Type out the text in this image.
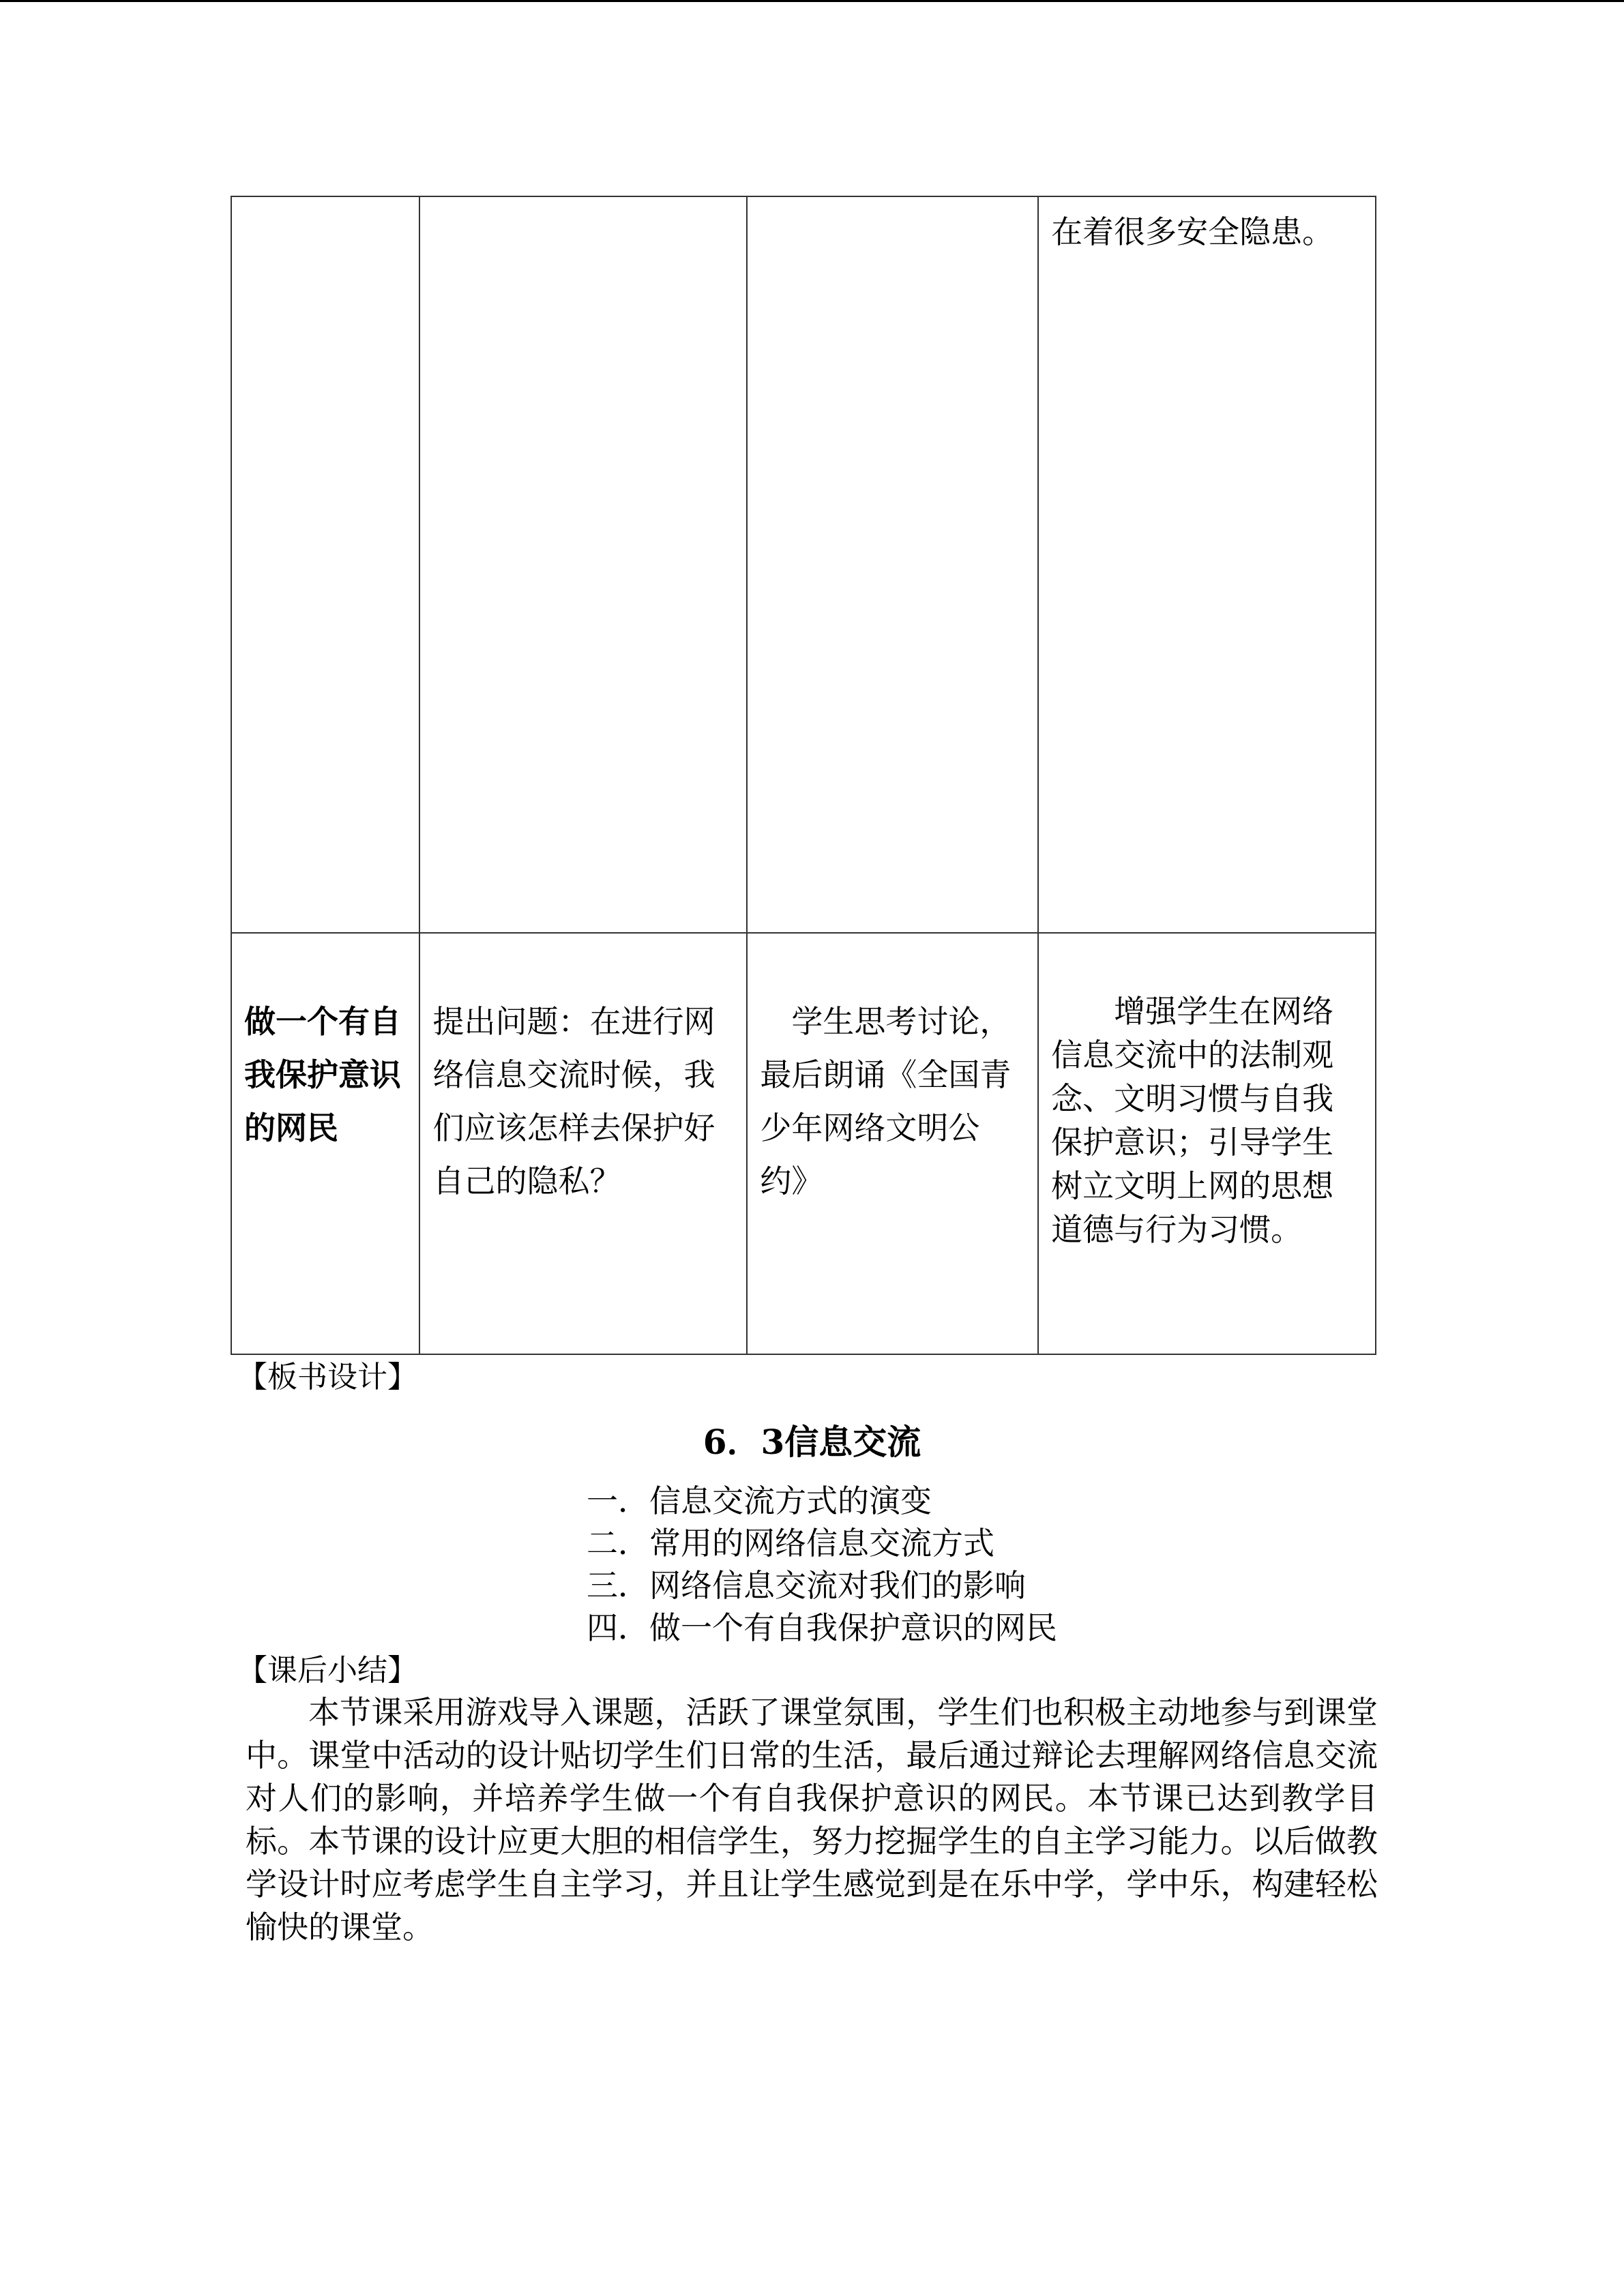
			在着很多安全隐患。

做一个有自我保护意识的网民	提出问题：在进行网络信息交流时候，我们应该怎样去保护好自己的隐私？	学生思考讨论，最后朗诵《全国青少年网络文明公约》	增强学生在网络信息交流中的法制观念、文明习惯与自我保护意识；引导学生树立文明上网的思想道德与行为习惯。
【板书设计】
6．3信息交流
一．信息交流方式的演变
二．常用的网络信息交流方式
三．网络信息交流对我们的影响
四．做一个有自我保护意识的网民
【课后小结】

本节课采用游戏导入课题，活跃了课堂氛围，学生们也积极主动地参与到课堂中。课堂中活动的设计贴切学生们日常的生活，最后通过辩论去理解网络信息交流对人们的影响，并培养学生做一个有自我保护意识的网民。本节课已达到教学目标。本节课的设计应更大胆的相信学生，努力挖掘学生的自主学习能力。以后做教学设计时应考虑学生自主学习，并且让学生感觉到是在乐中学，学中乐，构建轻松愉快的课堂。
